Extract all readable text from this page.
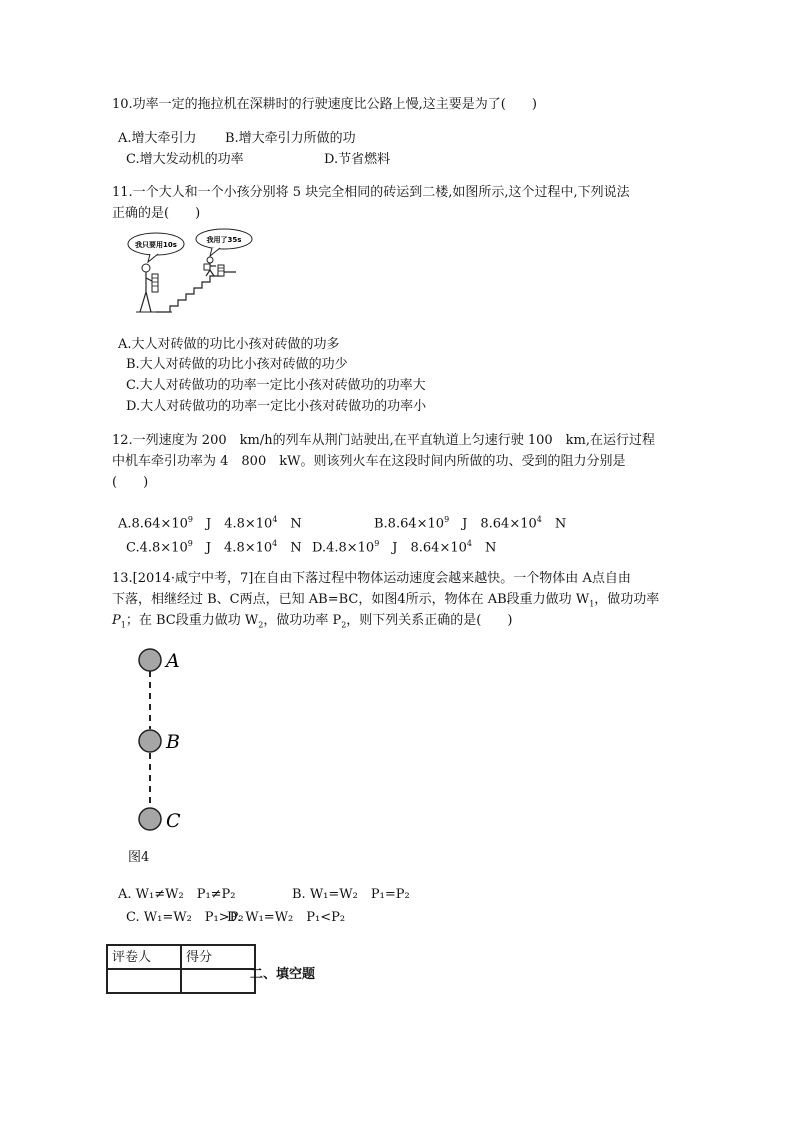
10.功率一定的拖拉机在深耕时的行驶速度比公路上慢,这主要是为了(　　)
A.增大牵引力 B.增大牵引力所做的功
C.增大发动机的功率	D.节省燃料
11.一个大人和一个小孩分别将 5 块完全相同的砖运到二楼,如图所示,这个过程中,下列说法
正确的是(　　)
我只要用10s
我用了35s
A.大人对砖做的功比小孩对砖做的功多
B.大人对砖做的功比小孩对砖做的功少
C.大人对砖做功的功率一定比小孩对砖做功的功率大
D.大人对砖做功的功率一定比小孩对砖做功的功率小
12.一列速度为 200　km/h的列车从荆门站驶出,在平直轨道上匀速行驶 100　km,在运行过程
中机车牵引功率为 4　800　kW。则该列火车在这段时间内所做的功、受到的阻力分别是
(　　)
$A.8.64\times 10^9$　J　$4.8\times 10^4$　N	$B.8.64\times 10^9$　J　$8.64\times 10^4$　N
$C.4.8\times 10^9$　J　$4.8\times 10^4$　N $D.4.8\times 10^9$　J　$8.64\times 10^4$　N
13.[2014·咸宁中考，7]在自由下落过程中物体运动速度会越来越快。一个物体由 A点自由
下落，相继经过 B、C两点，已知 AB=BC，如图4所示，物体在 AB段重力做功 $W_1$，做功功率
$P_1$；在 BC段重力做功 $W_2$，做功功率 $P_2$，则下列关系正确的是(　　)
A
B
C
图4
A. W₁≠W₂　P₁≠P₂	B. W₁=W₂　P₁=P₂
C. W₁=W₂　P₁>P₂
D. W₁=W₂　P₁<P₂
评卷人	得分

二、填空题
